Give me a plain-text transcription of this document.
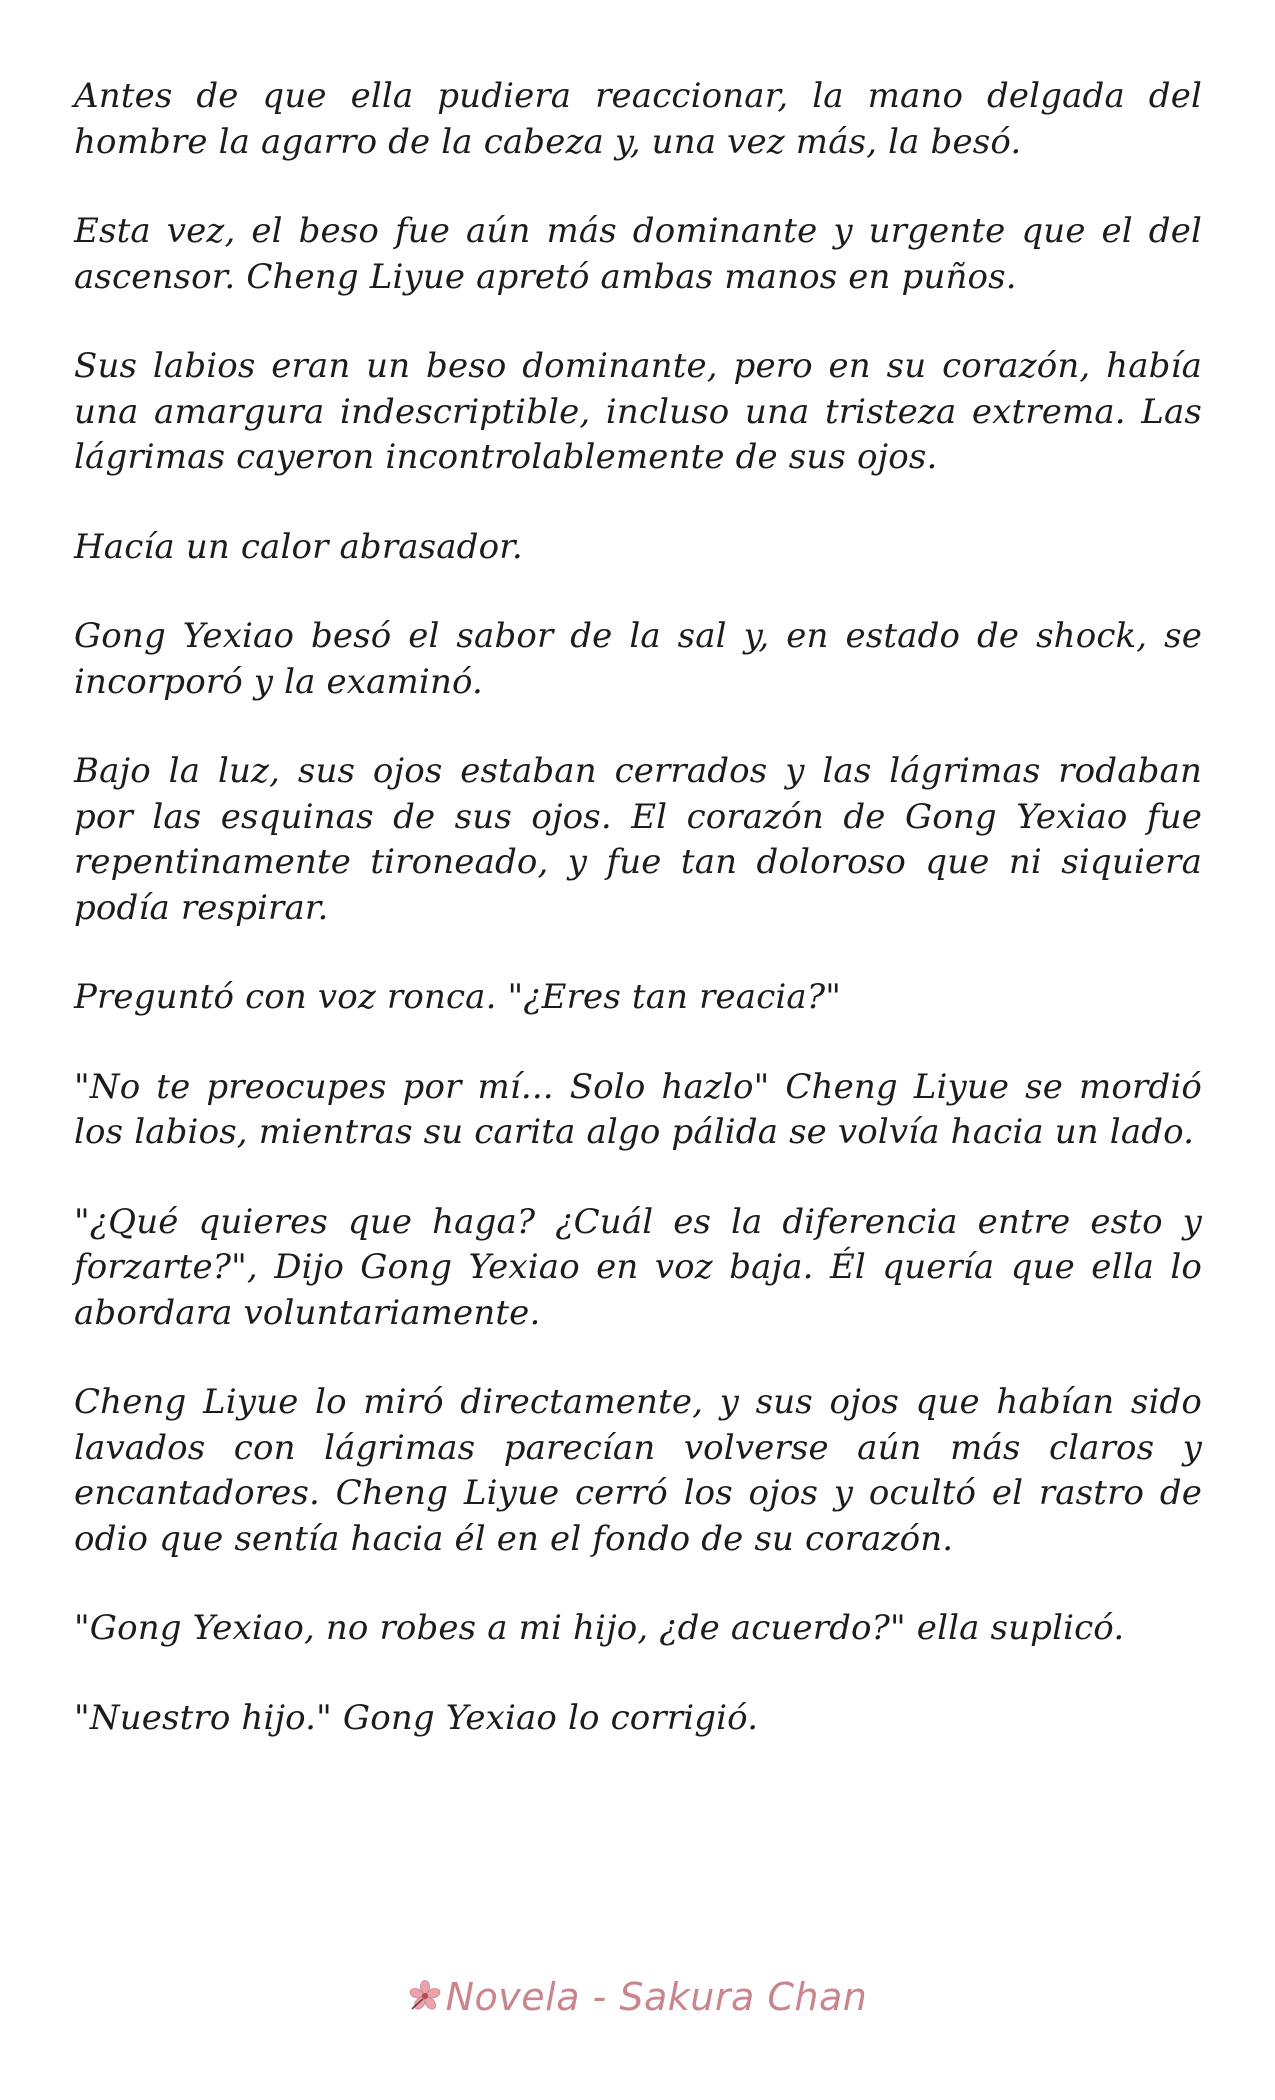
Antes de que ella pudiera reaccionar, la mano delgada del hombre la agarro de la cabeza y, una vez más, la besó.

Esta vez, el beso fue aún más dominante y urgente que el del ascensor. Cheng Liyue apretó ambas manos en puños.

Sus labios eran un beso dominante, pero en su corazón, había una amargura indescriptible, incluso una tristeza extrema. Las lágrimas cayeron incontrolablemente de sus ojos.

Hacía un calor abrasador.

Gong Yexiao besó el sabor de la sal y, en estado de shock, se incorporó y la examinó.

Bajo la luz, sus ojos estaban cerrados y las lágrimas rodaban por las esquinas de sus ojos. El corazón de Gong Yexiao fue repentinamente tironeado, y fue tan doloroso que ni siquiera podía respirar.

Preguntó con voz ronca. "¿Eres tan reacia?"

"No te preocupes por mí... Solo hazlo" Cheng Liyue se mordió los labios, mientras su carita algo pálida se volvía hacia un lado.

"¿Qué quieres que haga? ¿Cuál es la diferencia entre esto y forzarte?", Dijo Gong Yexiao en voz baja. Él quería que ella lo abordara voluntariamente.

Cheng Liyue lo miró directamente, y sus ojos que habían sido lavados con lágrimas parecían volverse aún más claros y encantadores. Cheng Liyue cerró los ojos y ocultó el rastro de odio que sentía hacia él en el fondo de su corazón.

"Gong Yexiao, no robes a mi hijo, ¿de acuerdo?" ella suplicó.

"Nuestro hijo." Gong Yexiao lo corrigió.

Novela - Sakura Chan
